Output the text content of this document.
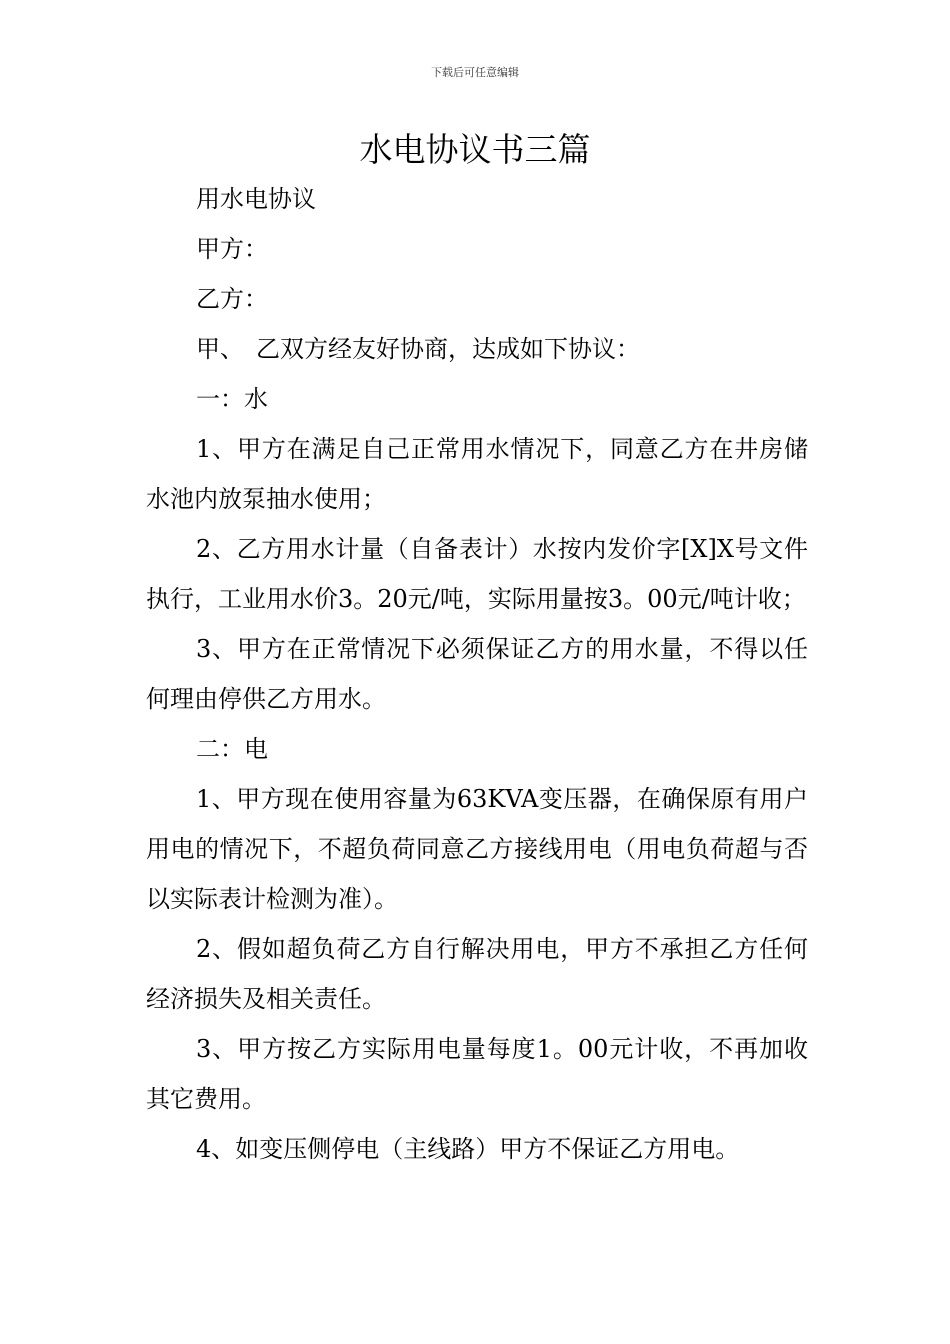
下载后可任意编辑
水电协议书三篇

用水电协议

甲方：

乙方：

甲、　乙双方经友好协商，达成如下协议：

一：水

1、甲方在满足自己正常用水情况下，同意乙方在井房储水池内放泵抽水使用；

2、乙方用水计量（自备表计）水按内发价字[X]X号文件执行，工业用水价3。20元/吨，实际用量按3。00元/吨计收；

3、甲方在正常情况下必须保证乙方的用水量，不得以任何理由停供乙方用水。

二：电

1、甲方现在使用容量为63KVA变压器，在确保原有用户用电的情况下，不超负荷同意乙方接线用电（用电负荷超与否以实际表计检测为准）。

2、假如超负荷乙方自行解决用电，甲方不承担乙方任何经济损失及相关责任。

3、甲方按乙方实际用电量每度1。00元计收，不再加收其它费用。

4、如变压侧停电（主线路）甲方不保证乙方用电。
